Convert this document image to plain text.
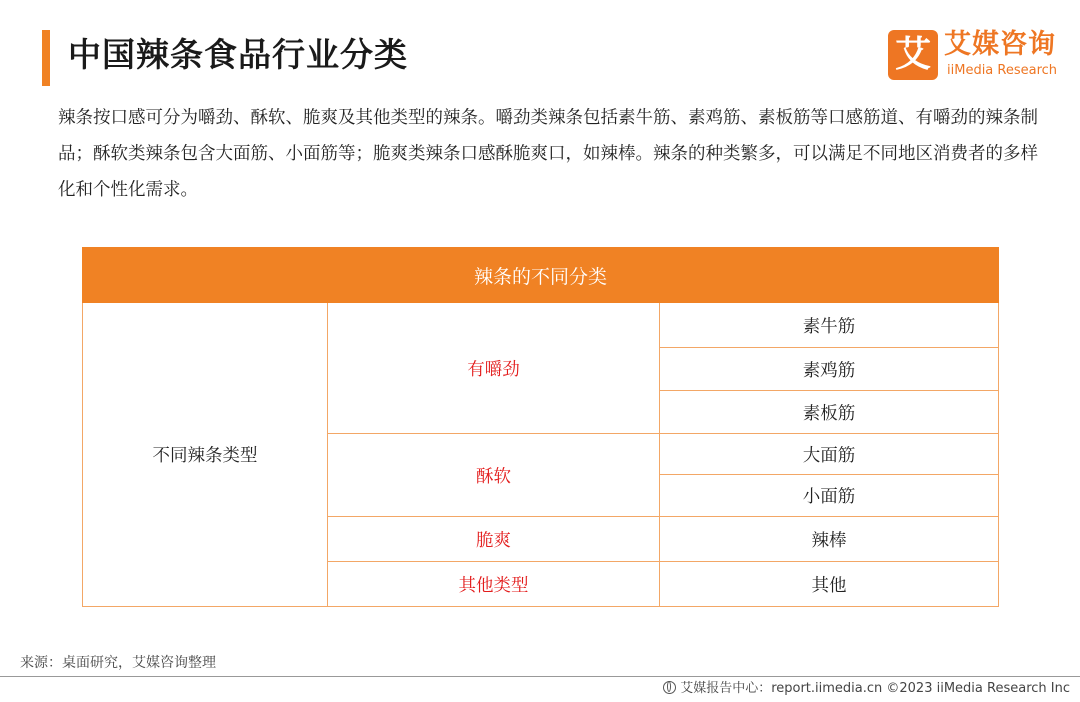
中国辣条食品行业分类	艾 艾媒咨询
iiMedia Research

辣条按口感可分为嚼劲、酥软、脆爽及其他类型的辣条。嚼劲类辣条包括素牛筋、素鸡筋、素板筋等口感筋道、有嚼劲的辣条制品；酥软类辣条包含大面筋、小面筋等；脆爽类辣条口感酥脆爽口，如辣棒。辣条的种类繁多，可以满足不同地区消费者的多样化和个性化需求。

辣条的不同分类		
不同辣条类型	有嚼劲	素牛筋
		素鸡筋
		素板筋
	酥软	大面筋
		小面筋
	脆爽	辣棒
	其他类型	其他
来源：桌面研究，艾媒咨询整理
艾媒报告中心：report.iimedia.cn ©2023 iiMedia Research Inc
